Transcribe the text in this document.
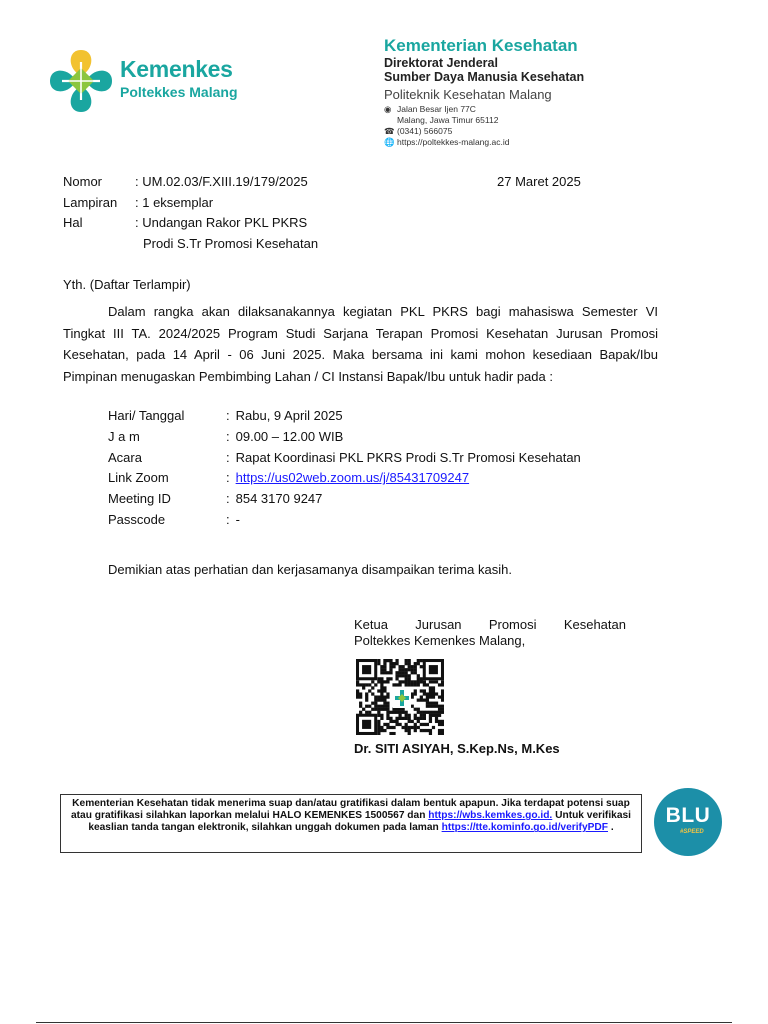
Kemenkes
Poltekkes Malang
Kementerian Kesehatan
Direktorat Jenderal
Sumber Daya Manusia Kesehatan
Politeknik Kesehatan Malang
◉ Jalan Besar Ijen 77C
Malang, Jawa Timur 65112
☎ (0341) 566075
🌐 https://poltekkes-malang.ac.id
Nomor	: UM.02.03/F.XIII.19/179/2025
Lampiran	: 1 eksemplar
Hal	: Undangan Rakor PKL PKRS
Prodi S.Tr Promosi Kesehatan
27 Maret 2025
Yth. (Daftar Terlampir)
Dalam rangka akan dilaksanakannya kegiatan PKL PKRS bagi mahasiswa Semester VI Tingkat III TA. 2024/2025 Program Studi Sarjana Terapan Promosi Kesehatan Jurusan Promosi Kesehatan, pada 14 April - 06 Juni 2025. Maka bersama ini kami mohon kesediaan Bapak/Ibu Pimpinan menugaskan Pembimbing Lahan / CI Instansi Bapak/Ibu untuk hadir pada :
Hari/ Tanggal	: Rabu, 9 April 2025
J a m	: 09.00 – 12.00 WIB
Acara	: Rapat Koordinasi PKL PKRS Prodi S.Tr Promosi Kesehatan
Link Zoom	: https://us02web.zoom.us/j/85431709247
Meeting ID	: 854 3170 9247
Passcode	: -
Demikian atas perhatian dan kerjasamanya disampaikan terima kasih.
Ketua Jurusan Promosi Kesehatan
Poltekkes Kemenkes Malang,
Dr. SITI ASIYAH, S.Kep.Ns, M.Kes
Kementerian Kesehatan tidak menerima suap dan/atau gratifikasi dalam bentuk apapun. Jika terdapat potensi suap atau gratifikasi silahkan laporkan melalui HALO KEMENKES 1500567 dan https://wbs.kemkes.go.id. Untuk verifikasi keaslian tanda tangan elektronik, silahkan unggah dokumen pada laman https://tte.kominfo.go.id/verifyPDF .
BLU
#SPEED
